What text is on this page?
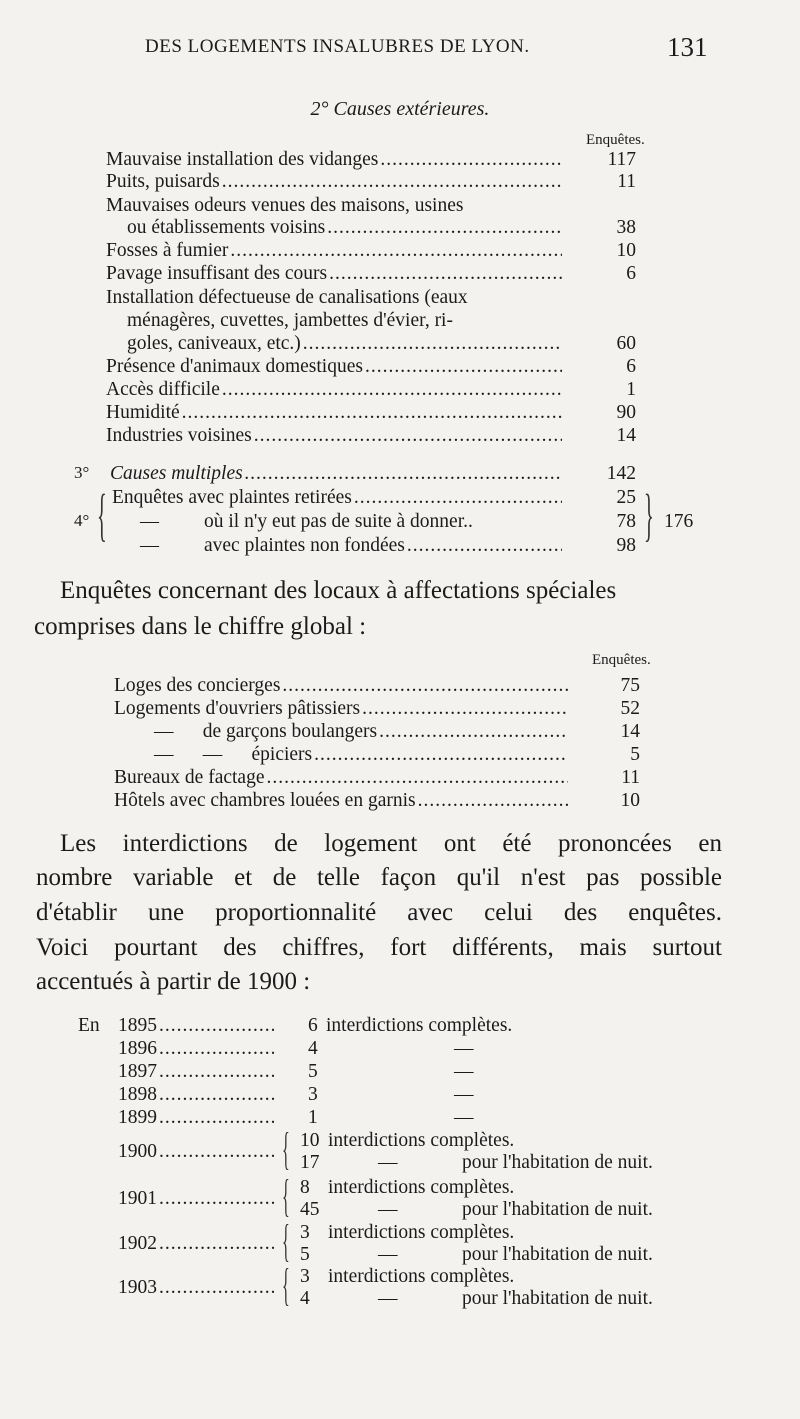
DES LOGEMENTS INSALUBRES DE LYON.	131
2° Causes extérieures.
Enquêtes.
Mauvaise installation des vidanges .....	117
Puits, puisards .....	11
Mauvaises odeurs venues des maisons, usines
ou établissements voisins .....	38
Fosses à fumier .....	10
Pavage insuffisant des cours .....	6
Installation défectueuse de canalisations (eaux
ménagères, cuvettes, jambettes d'évier, ri-
goles, caniveaux, etc.) .....	60
Présence d'animaux domestiques .....	6
Accès difficile .....	1
Humidité .....	90
Industries voisines .....	14
3° Causes multiples .....	142
4° { Enquêtes avec plaintes retirées .....	25
— où il n'y eut pas de suite à donner..	78
— avec plaintes non fondées .....	98 } 176
Enquêtes concernant des locaux à affectations spéciales
comprises dans le chiffre global :
Enquêtes.
Loges des concierges .....	75
Logements d'ouvriers pâtissiers .....	52
—      de garçons boulangers .....	14
—      —      épiciers .....	5
Bureaux de factage .....	11
Hôtels avec chambres louées en garnis .....	10
Les interdictions de logement ont été prononcées en
nombre variable et de telle façon qu'il n'est pas possible
d'établir une proportionnalité avec celui des enquêtes.
Voici pourtant des chiffres, fort différents, mais surtout
accentués à partir de 1900 :
En 1895 .....	6 interdictions complètes.
1896 .....	4	—
1897 .....	5	—
1898 .....	3	—
1899 .....	1	—
1900 .....	{ 10 interdictions complètes.
17	—	pour l'habitation de nuit.
1901 .....	{ 8 interdictions complètes.
45	—	pour l'habitation de nuit.
1902 .....	{ 3 interdictions complètes.
5	—	pour l'habitation de nuit.
1903 .....	{ 3 interdictions complètes.
4	—	pour l'habitation de nuit.
